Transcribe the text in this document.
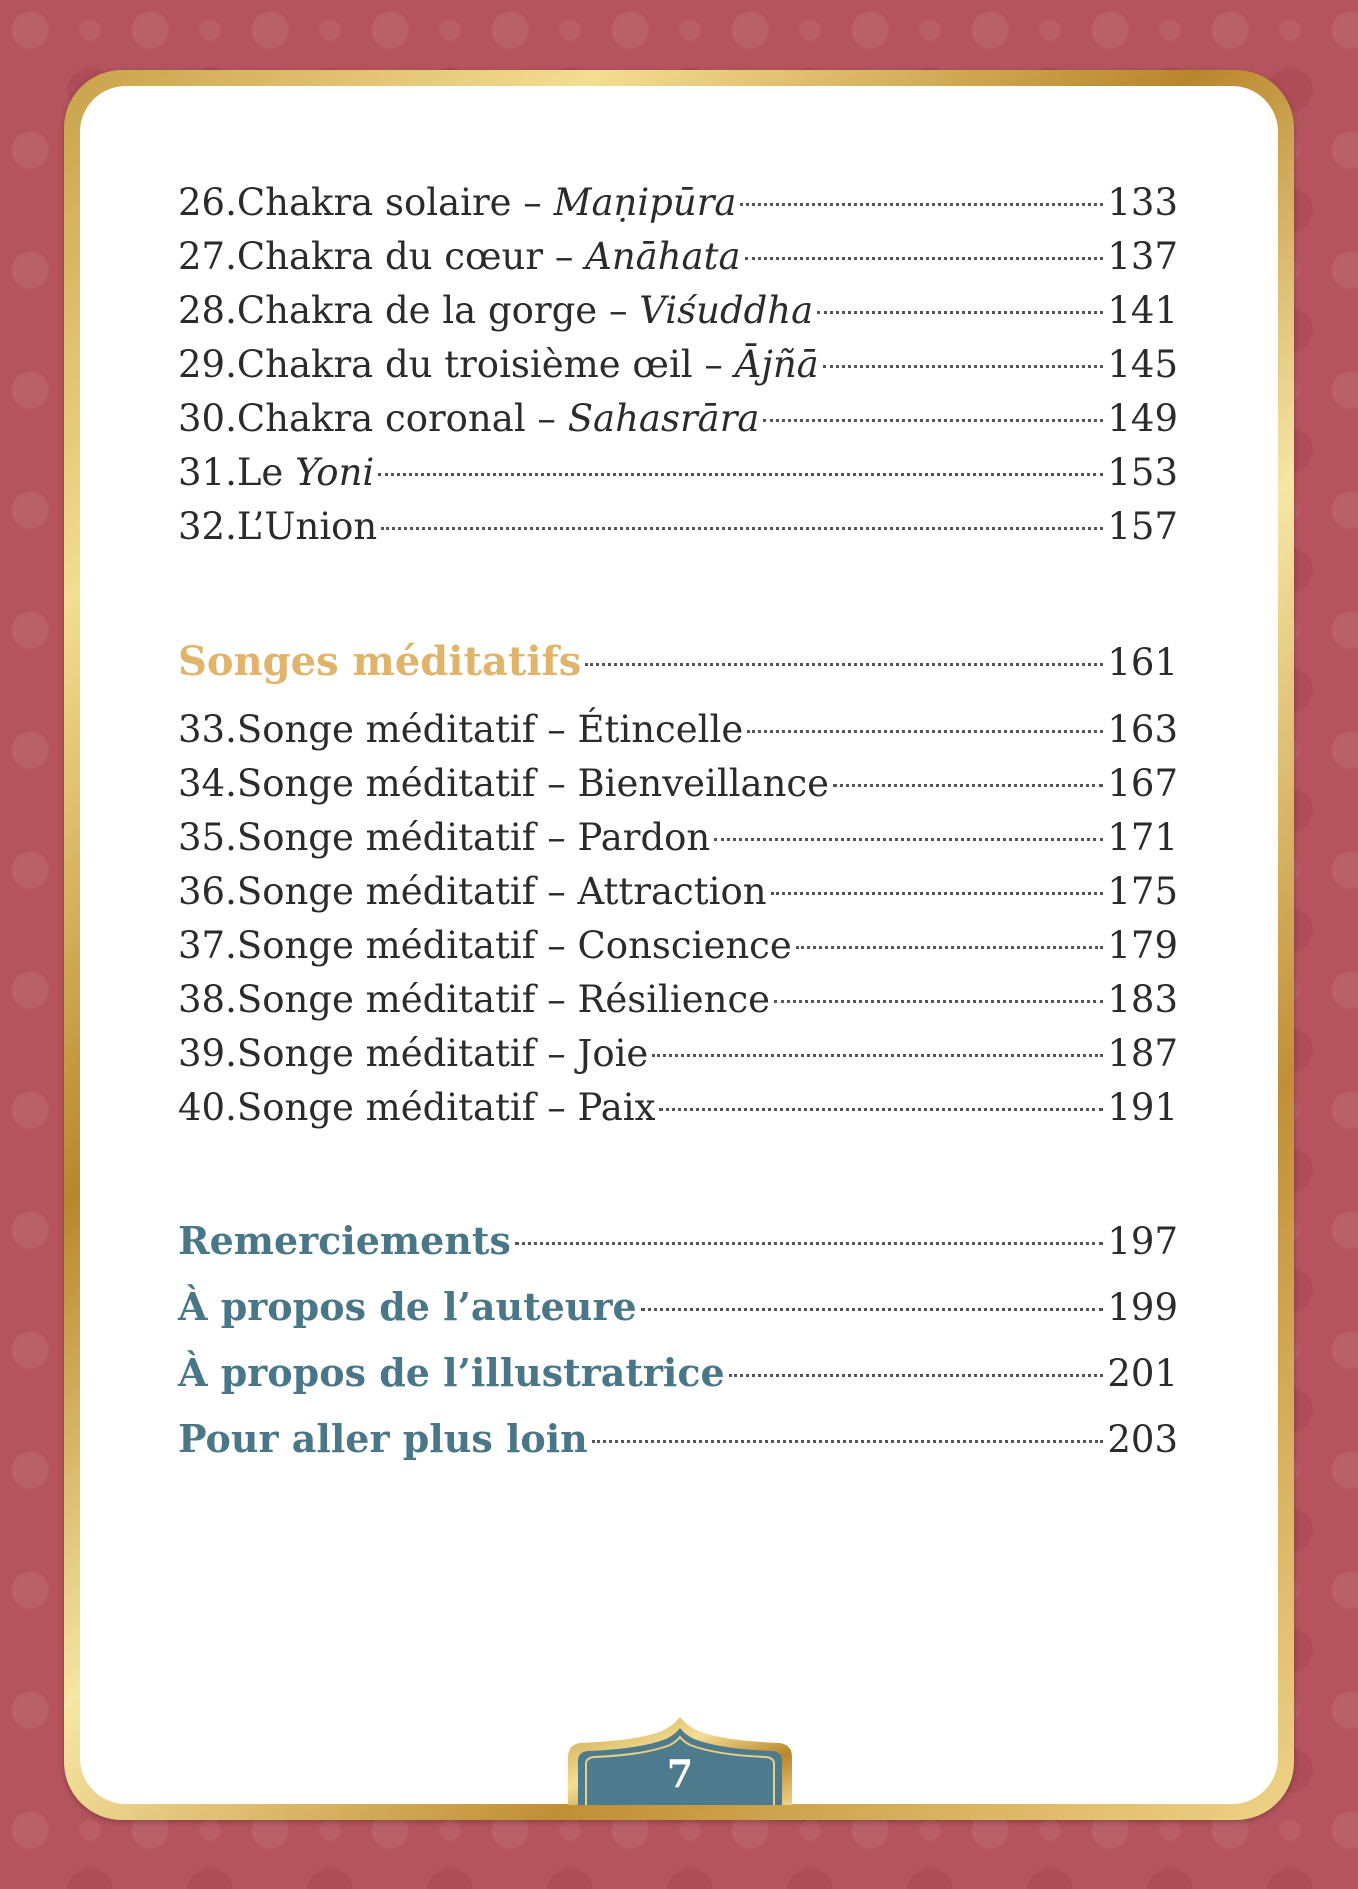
26. Chakra solaire – Maṇipūra	133
27. Chakra du cœur – Anāhata	137
28. Chakra de la gorge – Viśuddha	141
29. Chakra du troisième œil – Ājñā	145
30. Chakra coronal – Sahasrāra	149
31. Le Yoni	153
32. L’Union	157
Songes méditatifs	161
33. Songe méditatif – Étincelle	163
34. Songe méditatif – Bienveillance	167
35. Songe méditatif – Pardon	171
36. Songe méditatif – Attraction	175
37. Songe méditatif – Conscience	179
38. Songe méditatif – Résilience	183
39. Songe méditatif – Joie	187
40. Songe méditatif – Paix	191
Remerciements	197
À propos de l’auteure	199
À propos de l’illustratrice	201
Pour aller plus loin	203
7
